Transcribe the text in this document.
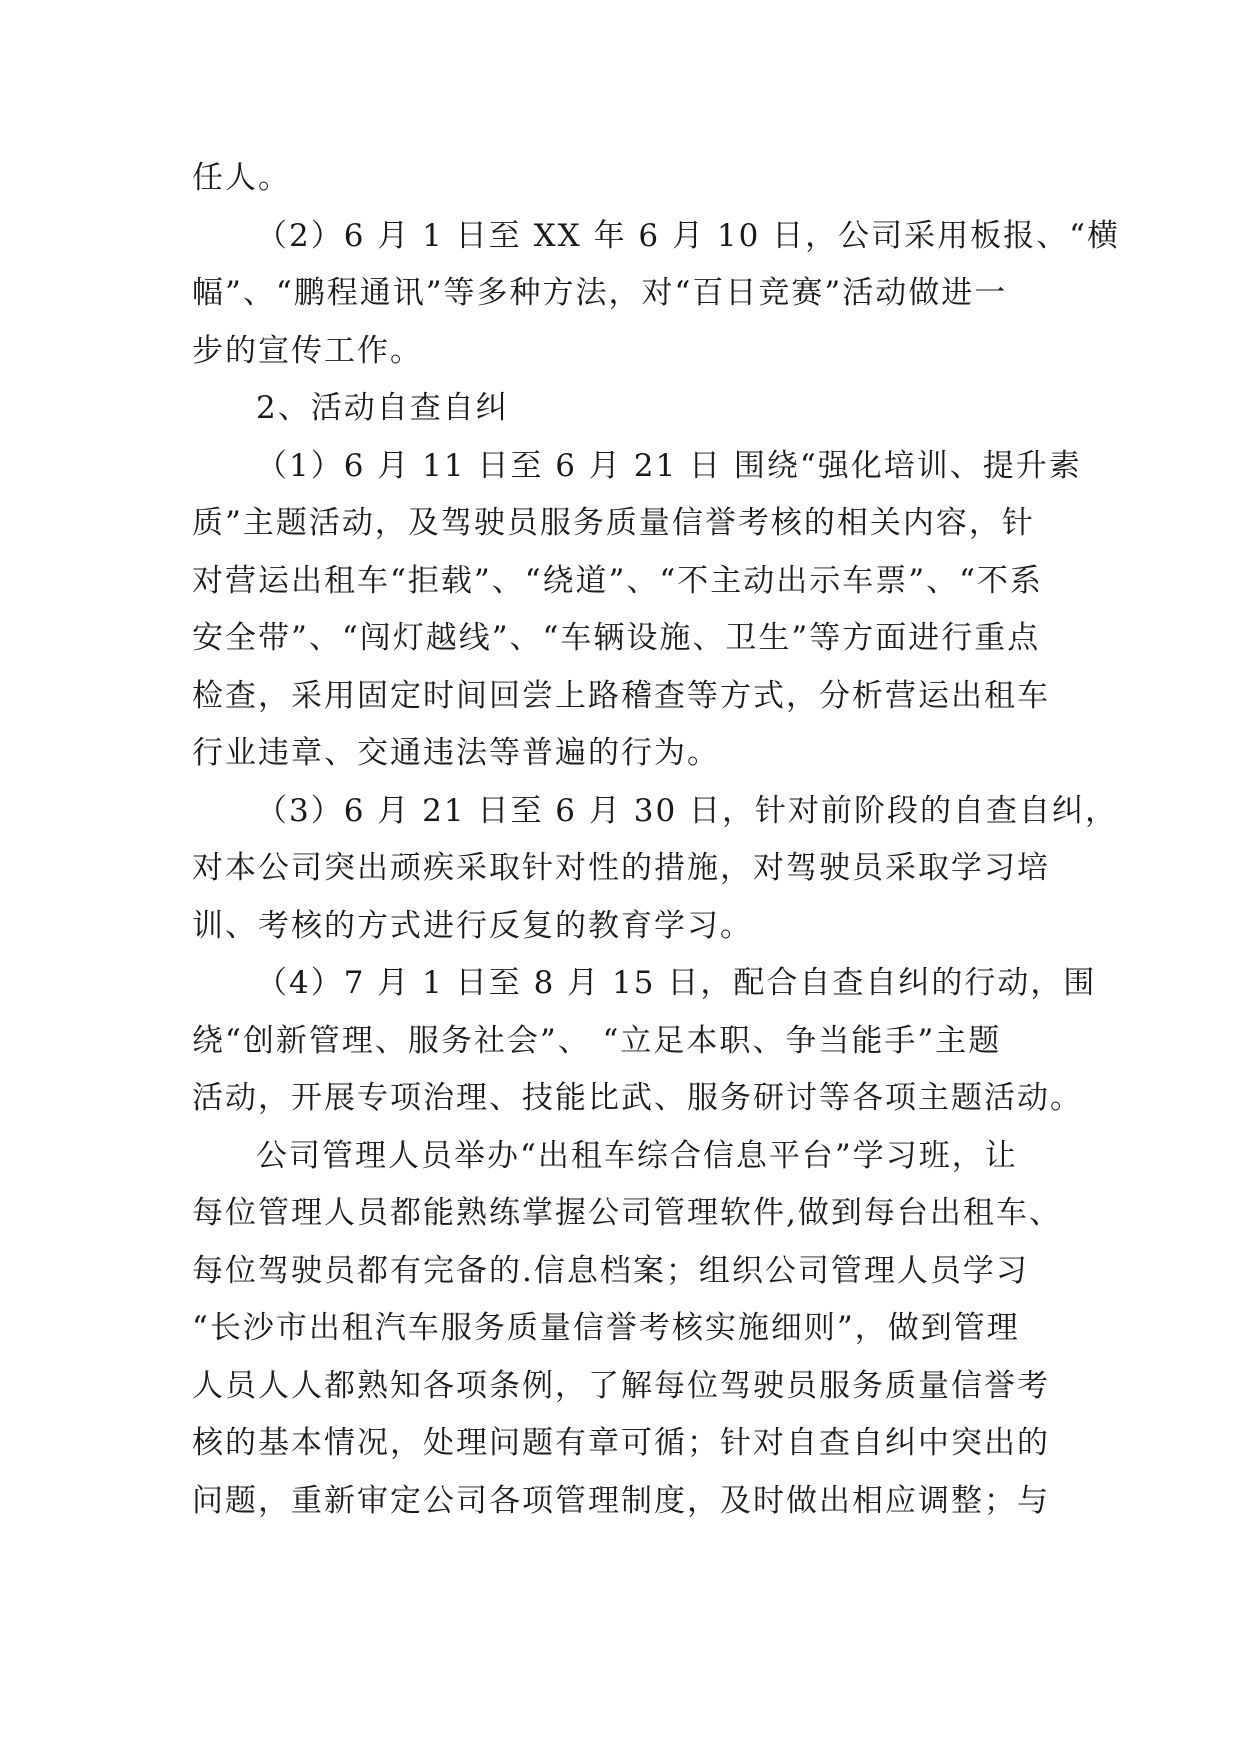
任人。
（2）6 月 1 日至 XX 年 6 月 10 日，公司采用板报、“横
幅”、“鹏程通讯”等多种方法，对“百日竞赛”活动做进一
步的宣传工作。
2、活动自查自纠
（1）6 月 11 日至 6 月 21 日 围绕“强化培训、提升素
质”主题活动，及驾驶员服务质量信誉考核的相关内容，针
对营运出租车“拒载”、“绕道”、“不主动出示车票”、“不系
安全带”、“闯灯越线”、“车辆设施、卫生”等方面进行重点
检查，采用固定时间回尝上路稽查等方式，分析营运出租车
行业违章、交通违法等普遍的行为。
（3）6 月 21 日至 6 月 30 日，针对前阶段的自查自纠，
对本公司突出顽疾采取针对性的措施，对驾驶员采取学习培
训、考核的方式进行反复的教育学习。
（4）7 月 1 日至 8 月 15 日，配合自查自纠的行动，围
绕“创新管理、服务社会”、 “立足本职、争当能手”主题
活动，开展专项治理、技能比武、服务研讨等各项主题活动。
公司管理人员举办“出租车综合信息平台”学习班，让
每位管理人员都能熟练掌握公司管理软件,做到每台出租车、
每位驾驶员都有完备的.信息档案；组织公司管理人员学习
“长沙市出租汽车服务质量信誉考核实施细则”，做到管理
人员人人都熟知各项条例，了解每位驾驶员服务质量信誉考
核的基本情况，处理问题有章可循；针对自查自纠中突出的
问题，重新审定公司各项管理制度，及时做出相应调整；与
